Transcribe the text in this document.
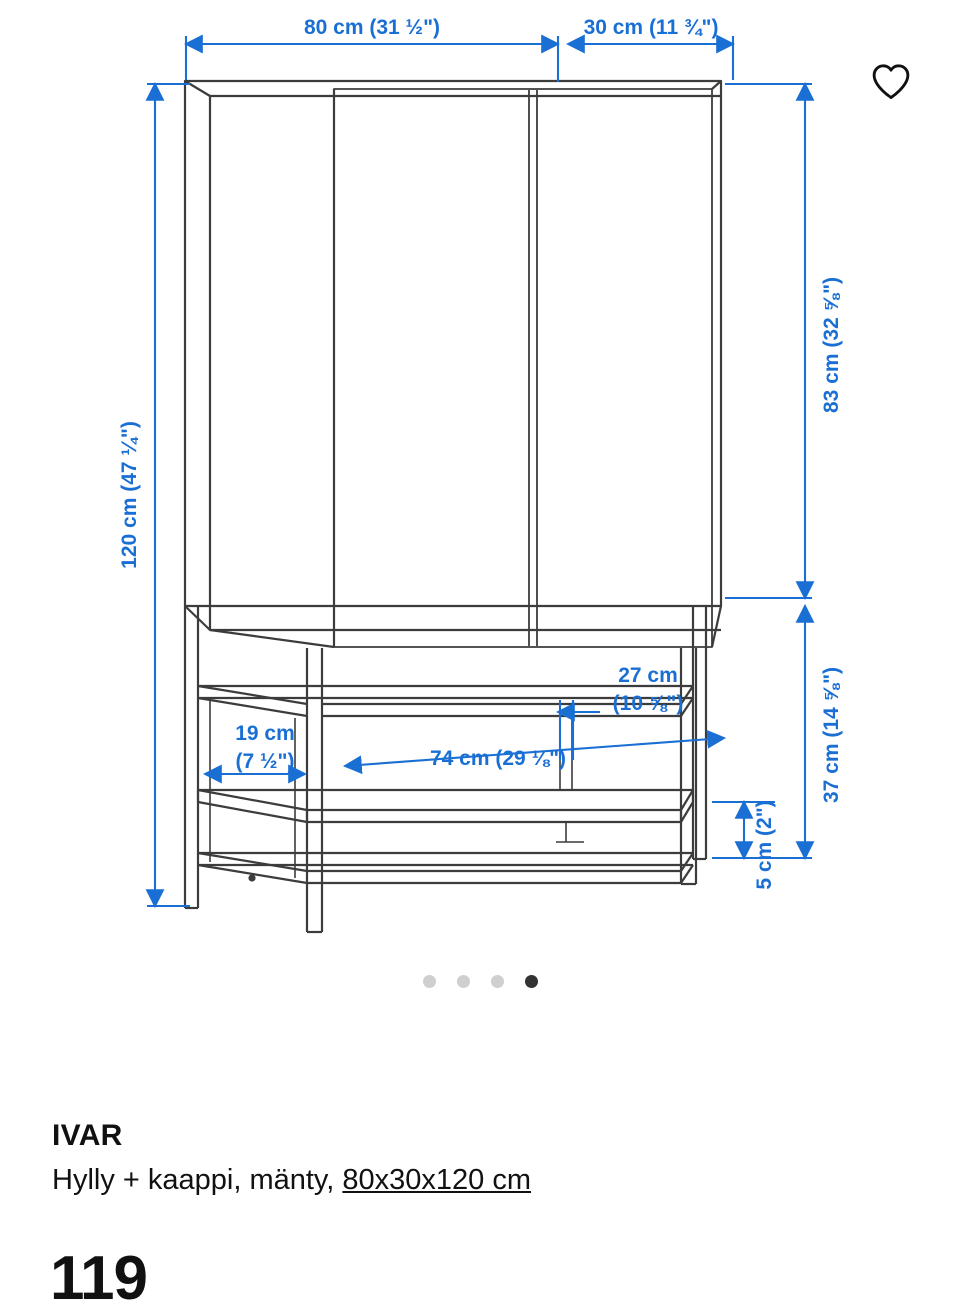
80 cm (31 ½")	30 cm (11 ¾")
120 cm (47 ¼")
83 cm (32 ⅝")
37 cm (14 ⅝")
5 cm (2")
19 cm
(7 ½")	74 cm (29 ⅛")
27 cm
(10 ⅝")
IVAR
Hylly + kaappi, mänty, 80x30x120 cm
119
